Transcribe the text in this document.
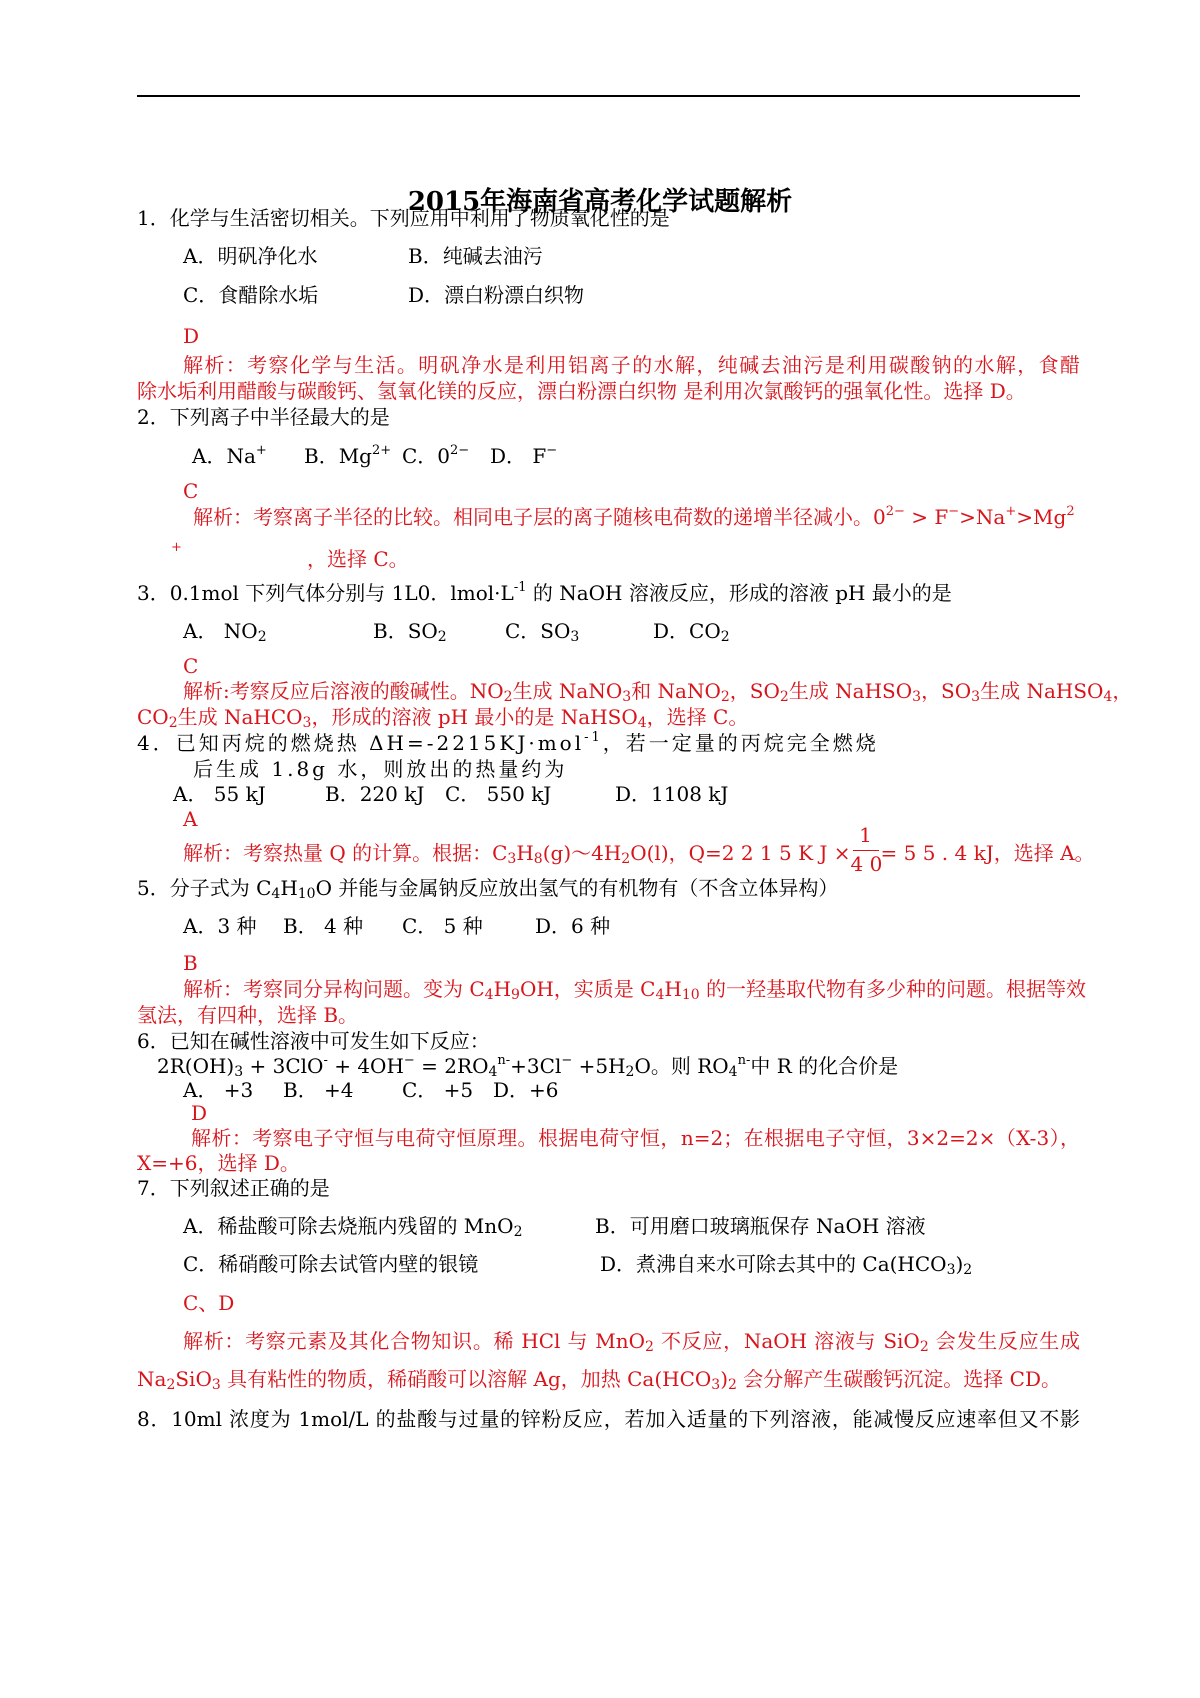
2015年海南省高考化学试题解析
1．化学与生活密切相关。下列应用中利用了物质氧化性的是
A．明矾净化水	B．纯碱去油污
C．食醋除水垢	D．漂白粉漂白织物
D
解析：考察化学与生活。明矾净水是利用铝离子的水解，纯碱去油污是利用碳酸钠的水解，食醋
除水垢利用醋酸与碳酸钙、氢氧化镁的反应，漂白粉漂白织物 是利用次氯酸钙的强氧化性。选择 D。
2．下列离子中半径最大的是
A．Na+ B．$Mg^{2+}$ C．$0^{2-}$ D． F−
C
解析：考察离子半径的比较。相同电子层的离子随核电荷数的递增半径减小。$0^{2-} > F^->Na^+>Mg^2$
+	，选择 C。
3．0.1mol 下列气体分别与 1L0．$lmol\cdot L^{-1}$ 的 NaOH 溶液反应，形成的溶液 pH 最小的是
A． $NO_2$	B．$SO_2$	C．$SO_3$	D．$CO_2$
C
解析:考察反应后溶液的酸碱性。$NO_2$生成 NaNO$_3$和 NaNO$_2$，$SO_2$生成 NaHSO$_3$，$SO_3$生成 NaHSO$_4$，
$CO_2$生成 NaHCO$_3$，形成的溶液 pH 最小的是 NaHSO$_4$，选择 C。
4．已知丙烷的燃烧热 ΔH=-2215KJ·mol$^{-1}$，若一定量的丙烷完全燃烧
后生成 1.8g 水，则放出的热量约为
A． 55 kJ	B．220 kJ C． 550 kJ	D．1108 kJ
A
解析：考察热量 Q 的计算。根据：$C_3H_8(g)\sim 4H_2O(l)$，Q=2 2 1 5 K $J \times \frac{1}{4 0} = 5$ 5 . 4 kJ，选择 A。
5．分子式为 $C_4H_{10}O$ 并能与金属钠反应放出氢气的有机物有（不含立体异构）
A．3 种 B． 4 种 C． 5 种	D．6 种
B
解析：考察同分异构问题。变为 $C_4H_9OH$，实质是 $C_4H_{10}$ 的一羟基取代物有多少种的问题。根据等效
氢法，有四种，选择 B。
6．已知在碱性溶液中可发生如下反应：
$2R(OH)_3 + 3ClO^- + 4OH^- = 2RO_4^{n-}+3Cl^- +5H_2O$。则 $RO_4^{n-}$中 R 的化合价是
A． +3 B． +4 C． +5 D．+6
D
解析：考察电子守恒与电荷守恒原理。根据电荷守恒，n=2；在根据电子守恒，3×2=2×（X-3），
X=+6，选择 D。
7．下列叙述正确的是
A．稀盐酸可除去烧瓶内残留的 MnO$_2$	B．可用磨口玻璃瓶保存 NaOH 溶液
C．稀硝酸可除去试管内壁的银镜	D．煮沸自来水可除去其中的 $Ca(HCO_3)_2$
C、D
解析：考察元素及其化合物知识。稀 HCl 与 MnO$_2$ 不反应，NaOH 溶液与 SiO$_2$ 会发生反应生成
$Na_2SiO_3$ 具有粘性的物质，稀硝酸可以溶解 Ag，加热 $Ca(HCO_3)_2$ 会分解产生碳酸钙沉淀。选择 CD。
8．10ml 浓度为 1mol/L 的盐酸与过量的锌粉反应，若加入适量的下列溶液，能减慢反应速率但又不影
